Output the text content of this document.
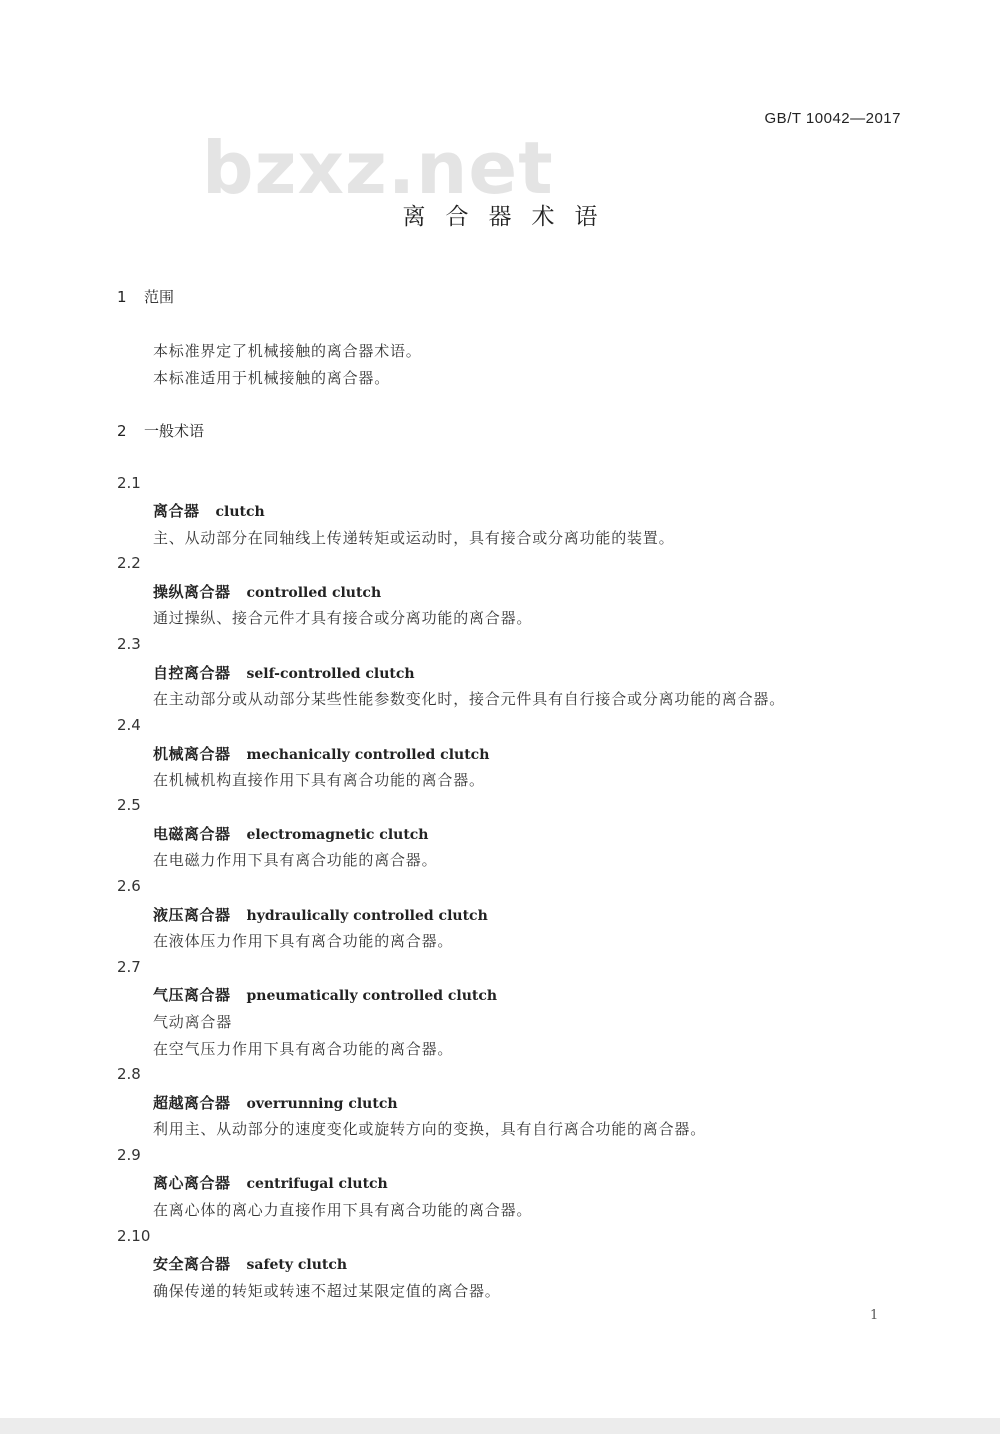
GB/T 10042—2017
bzxz.net
离合器术语
1 范围
本标准界定了机械接触的离合器术语。
本标准适用于机械接触的离合器。
2 一般术语
2.1
离合器 clutch
主、从动部分在同轴线上传递转矩或运动时，具有接合或分离功能的装置。
2.2
操纵离合器 controlled clutch
通过操纵、接合元件才具有接合或分离功能的离合器。
2.3
自控离合器 self-controlled clutch
在主动部分或从动部分某些性能参数变化时，接合元件具有自行接合或分离功能的离合器。
2.4
机械离合器 mechanically controlled clutch
在机械机构直接作用下具有离合功能的离合器。
2.5
电磁离合器 electromagnetic clutch
在电磁力作用下具有离合功能的离合器。
2.6
液压离合器 hydraulically controlled clutch
在液体压力作用下具有离合功能的离合器。
2.7
气压离合器 pneumatically controlled clutch
气动离合器
在空气压力作用下具有离合功能的离合器。
2.8
超越离合器 overrunning clutch
利用主、从动部分的速度变化或旋转方向的变换，具有自行离合功能的离合器。
2.9
离心离合器 centrifugal clutch
在离心体的离心力直接作用下具有离合功能的离合器。
2.10
安全离合器 safety clutch
确保传递的转矩或转速不超过某限定值的离合器。
1
